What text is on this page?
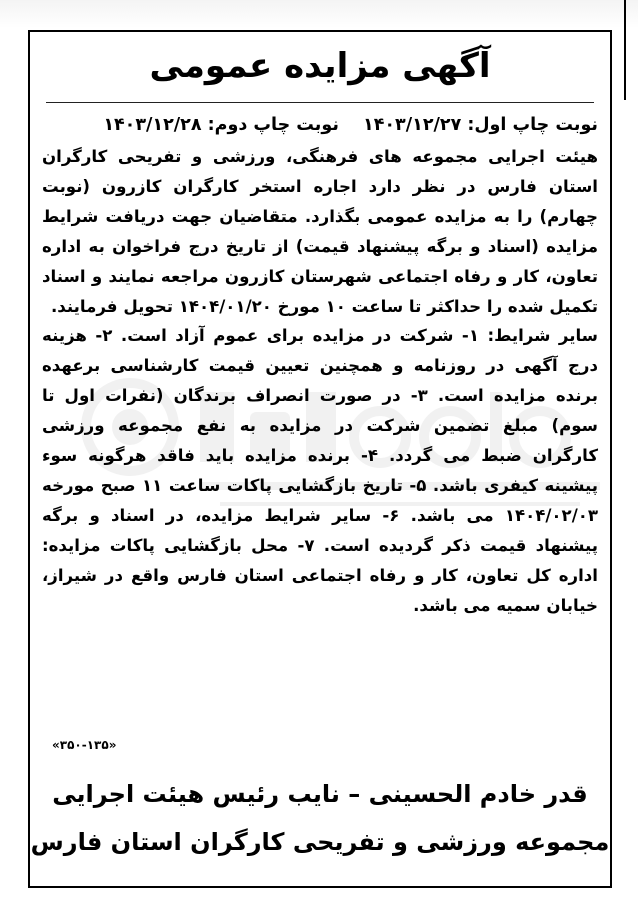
آگهی مزایده عمومی
نوبت چاپ اول: ۱۴۰۳/۱۲/۲۷ نوبت چاپ دوم: ۱۴۰۳/۱۲/۲۸

هیئت اجرایی مجموعه های فرهنگی، ورزشی و تفریحی کارگران استان فارس در نظر دارد اجاره استخر کارگران کازرون (نوبت چهارم) را به مزایده عمومی بگذارد. متقاضیان جهت دریافت شرایط مزایده (اسناد و برگه پیشنهاد قیمت) از تاریخ درج فراخوان به اداره تعاون، کار و رفاه اجتماعی شهرستان کازرون مراجعه نمایند و اسناد تکمیل شده را حداکثر تا ساعت ۱۰ مورخ ۱۴۰۴/۰۱/۲۰ تحویل فرمایند.

سایر شرایط: ۱- شرکت در مزایده برای عموم آزاد است. ۲- هزینه درج آگهی در روزنامه و همچنین تعیین قیمت کارشناسی برعهده برنده مزایده است. ۳- در صورت انصراف برندگان (نفرات اول تا سوم) مبلغ تضمین شرکت در مزایده به نفع مجموعه ورزشی کارگران ضبط می گردد. ۴- برنده مزایده باید فاقد هرگونه سوء پیشینه کیفری باشد. ۵- تاریخ بازگشایی پاکات ساعت ۱۱ صبح مورخه ۱۴۰۴/۰۲/۰۳ می باشد. ۶- سایر شرایط مزایده، در اسناد و برگه پیشنهاد قیمت ذکر گردیده است. ۷- محل بازگشایی پاکات مزایده: اداره کل تعاون، کار و رفاه اجتماعی استان فارس واقع در شیراز، خیابان سمیه می باشد.

«۳۵۰-۱۳۵»
قدر خادم الحسینی – نایب رئیس هیئت اجرایی
مجموعه ورزشی و تفریحی کارگران استان فارس
